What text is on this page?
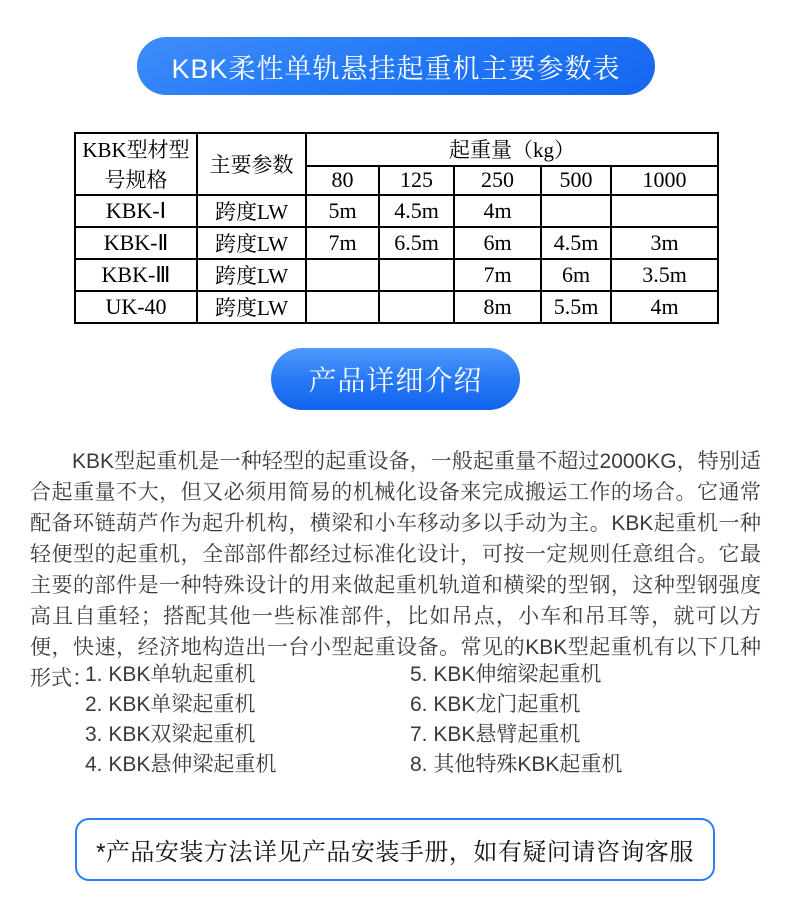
KBK柔性单轨悬挂起重机主要参数表
KBK型材型号规格	主要参数	起重量（kg）				
		80	125	250	500	1000
KBK-Ⅰ	跨度LW	5m	4.5m	4m		
KBK-Ⅱ	跨度LW	7m	6.5m	6m	4.5m	3m
KBK-Ⅲ	跨度LW			7m	6m	3.5m
UK-40	跨度LW			8m	5.5m	4m
产品详细介绍

KBK型起重机是一种轻型的起重设备，一般起重量不超过2000KG，特别适合起重量不大，但又必须用简易的机械化设备来完成搬运工作的场合。它通常配备环链葫芦作为起升机构，横梁和小车移动多以手动为主。KBK起重机一种轻便型的起重机，全部部件都经过标准化设计，可按一定规则任意组合。它最主要的部件是一种特殊设计的用来做起重机轨道和横梁的型钢，这种型钢强度高且自重轻；搭配其他一些标准部件，比如吊点，小车和吊耳等，就可以方便，快速，经济地构造出一台小型起重设备。常见的KBK型起重机有以下几种形式：

1. KBK单轨起重机
2. KBK单梁起重机
3. KBK双梁起重机
4. KBK悬伸梁起重机
5. KBK伸缩梁起重机
6. KBK龙门起重机
7. KBK悬臂起重机
8. 其他特殊KBK起重机
*产品安装方法详见产品安装手册，如有疑问请咨询客服
